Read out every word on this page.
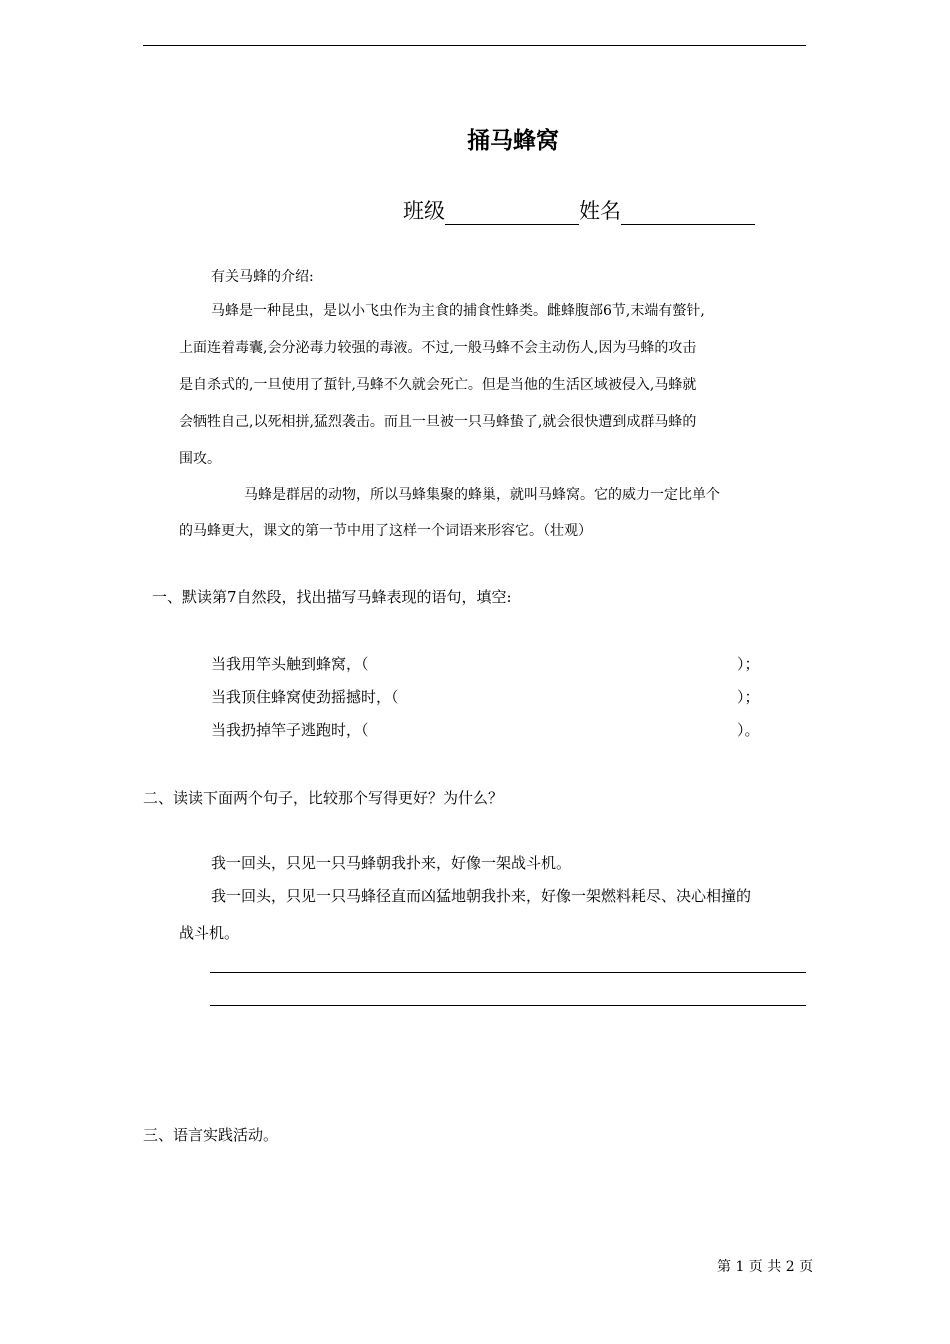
捅马蜂窝
班级	姓名
有关马蜂的介绍:
马蜂是一种昆虫，是以小飞虫作为主食的捕食性蜂类。雌蜂腹部6节,末端有螫针,
上面连着毒囊,会分泌毒力较强的毒液。不过,一般马蜂不会主动伤人,因为马蜂的攻击
是自杀式的,一旦使用了蜇针,马蜂不久就会死亡。但是当他的生活区域被侵入,马蜂就
会牺牲自己,以死相拼,猛烈袭击。而且一旦被一只马蜂蛰了,就会很快遭到成群马蜂的
围攻。
马蜂是群居的动物，所以马蜂集聚的蜂巢，就叫马蜂窝。它的威力一定比单个
的马蜂更大，课文的第一节中用了这样一个词语来形容它。（壮观）
一、默读第7自然段，找出描写马蜂表现的语句，填空:
当我用竿头触到蜂窝，（	）；
当我顶住蜂窝使劲摇撼时，（	）；
当我扔掉竿子逃跑时，（	）。
二、读读下面两个句子，比较那个写得更好？为什么？
我一回头，只见一只马蜂朝我扑来，好像一架战斗机。
我一回头，只见一只马蜂径直而凶猛地朝我扑来，好像一架燃料耗尽、决心相撞的
战斗机。
三、语言实践活动。
第 1 页 共 2 页
